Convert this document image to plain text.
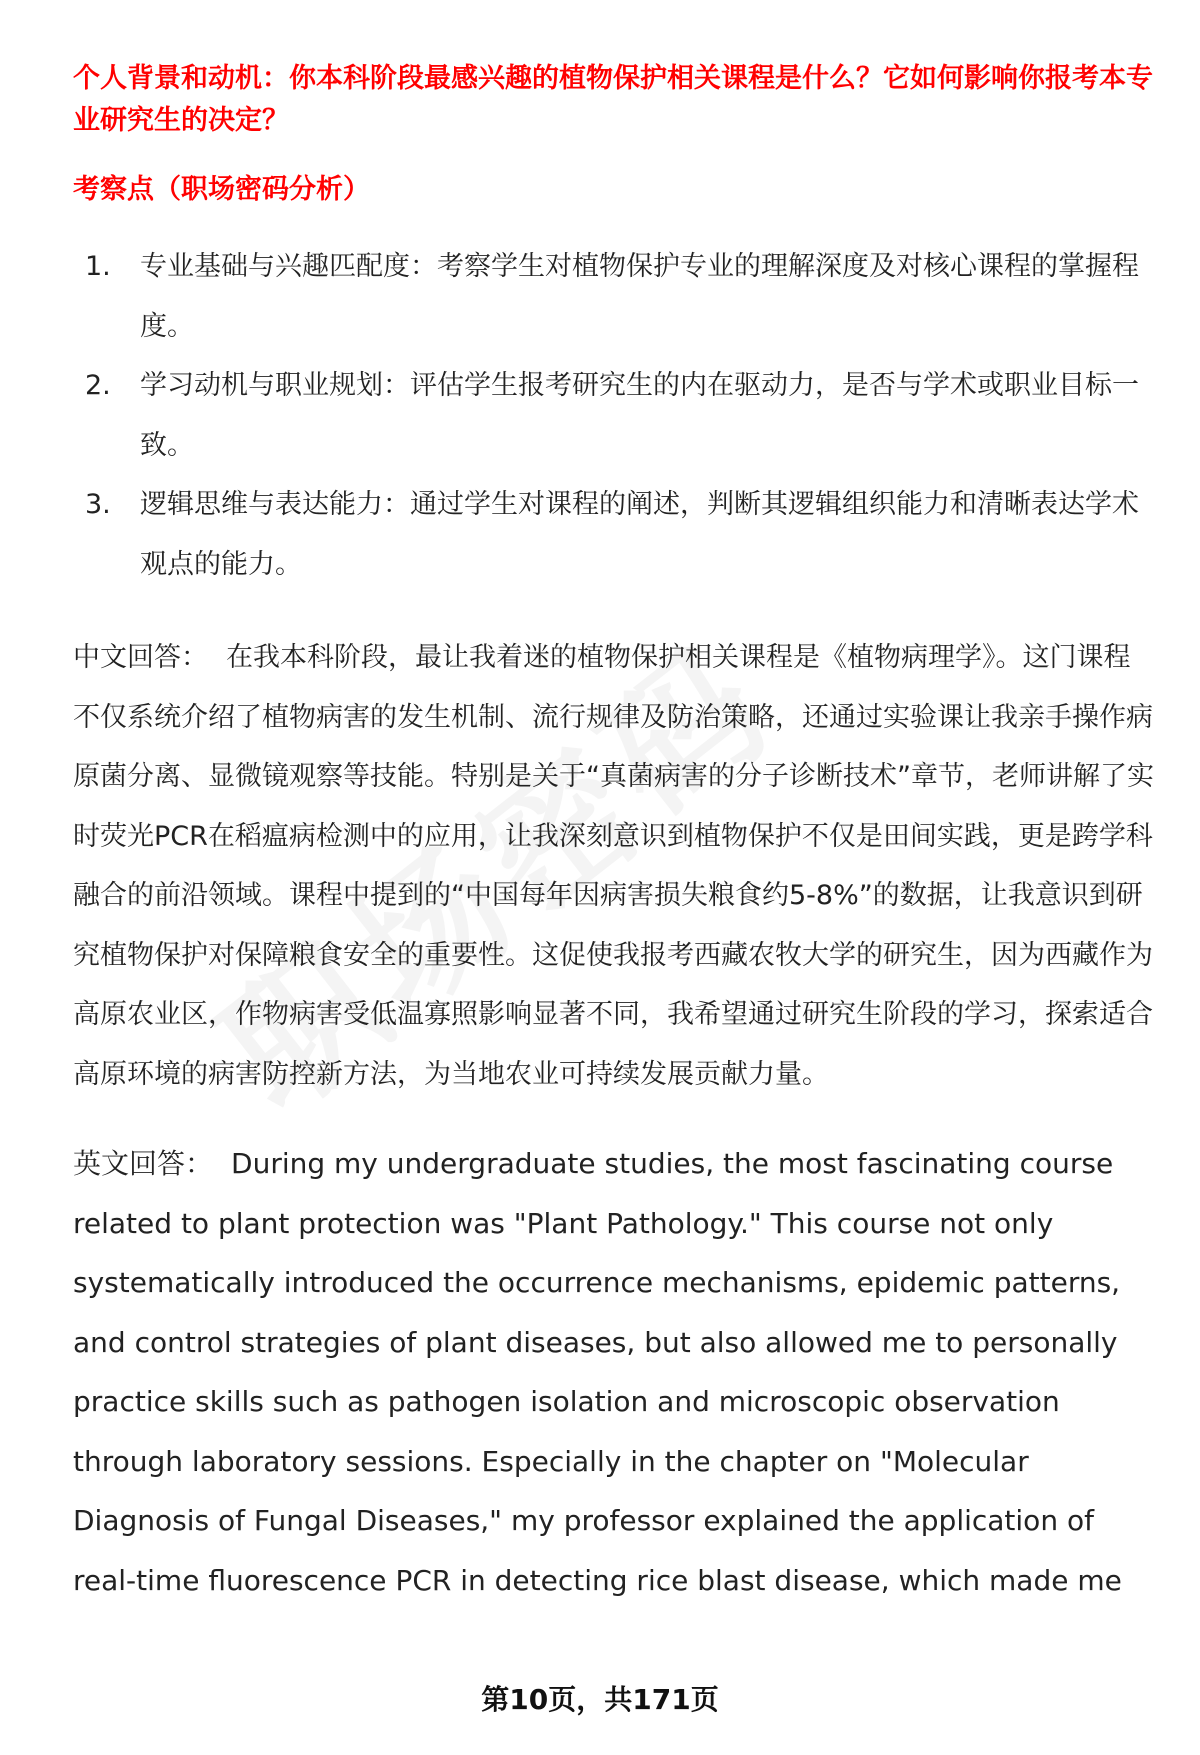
个人背景和动机：你本科阶段最感兴趣的植物保护相关课程是什么？它如何影响你报考本专业研究生的决定？

考察点（职场密码分析）

1. 专业基础与兴趣匹配度：考察学生对植物保护专业的理解深度及对核心课程的掌握程度。
2. 学习动机与职业规划：评估学生报考研究生的内在驱动力，是否与学术或职业目标一致。
3. 逻辑思维与表达能力：通过学生对课程的阐述，判断其逻辑组织能力和清晰表达学术观点的能力。

中文回答： 在我本科阶段，最让我着迷的植物保护相关课程是《植物病理学》。这门课程不仅系统介绍了植物病害的发生机制、流行规律及防治策略，还通过实验课让我亲手操作病原菌分离、显微镜观察等技能。特别是关于“真菌病害的分子诊断技术”章节，老师讲解了实时荧光PCR在稻瘟病检测中的应用，让我深刻意识到植物保护不仅是田间实践，更是跨学科融合的前沿领域。课程中提到的“中国每年因病害损失粮食约5-8%”的数据，让我意识到研究植物保护对保障粮食安全的重要性。这促使我报考西藏农牧大学的研究生，因为西藏作为高原农业区，作物病害受低温寡照影响显著不同，我希望通过研究生阶段的学习，探索适合高原环境的病害防控新方法，为当地农业可持续发展贡献力量。

英文回答： During my undergraduate studies, the most fascinating course related to plant protection was "Plant Pathology." This course not only systematically introduced the occurrence mechanisms, epidemic patterns, and control strategies of plant diseases, but also allowed me to personally practice skills such as pathogen isolation and microscopic observation through laboratory sessions. Especially in the chapter on "Molecular Diagnosis of Fungal Diseases," my professor explained the application of real-time fluorescence PCR in detecting rice blast disease, which made me

第10页，共171页
